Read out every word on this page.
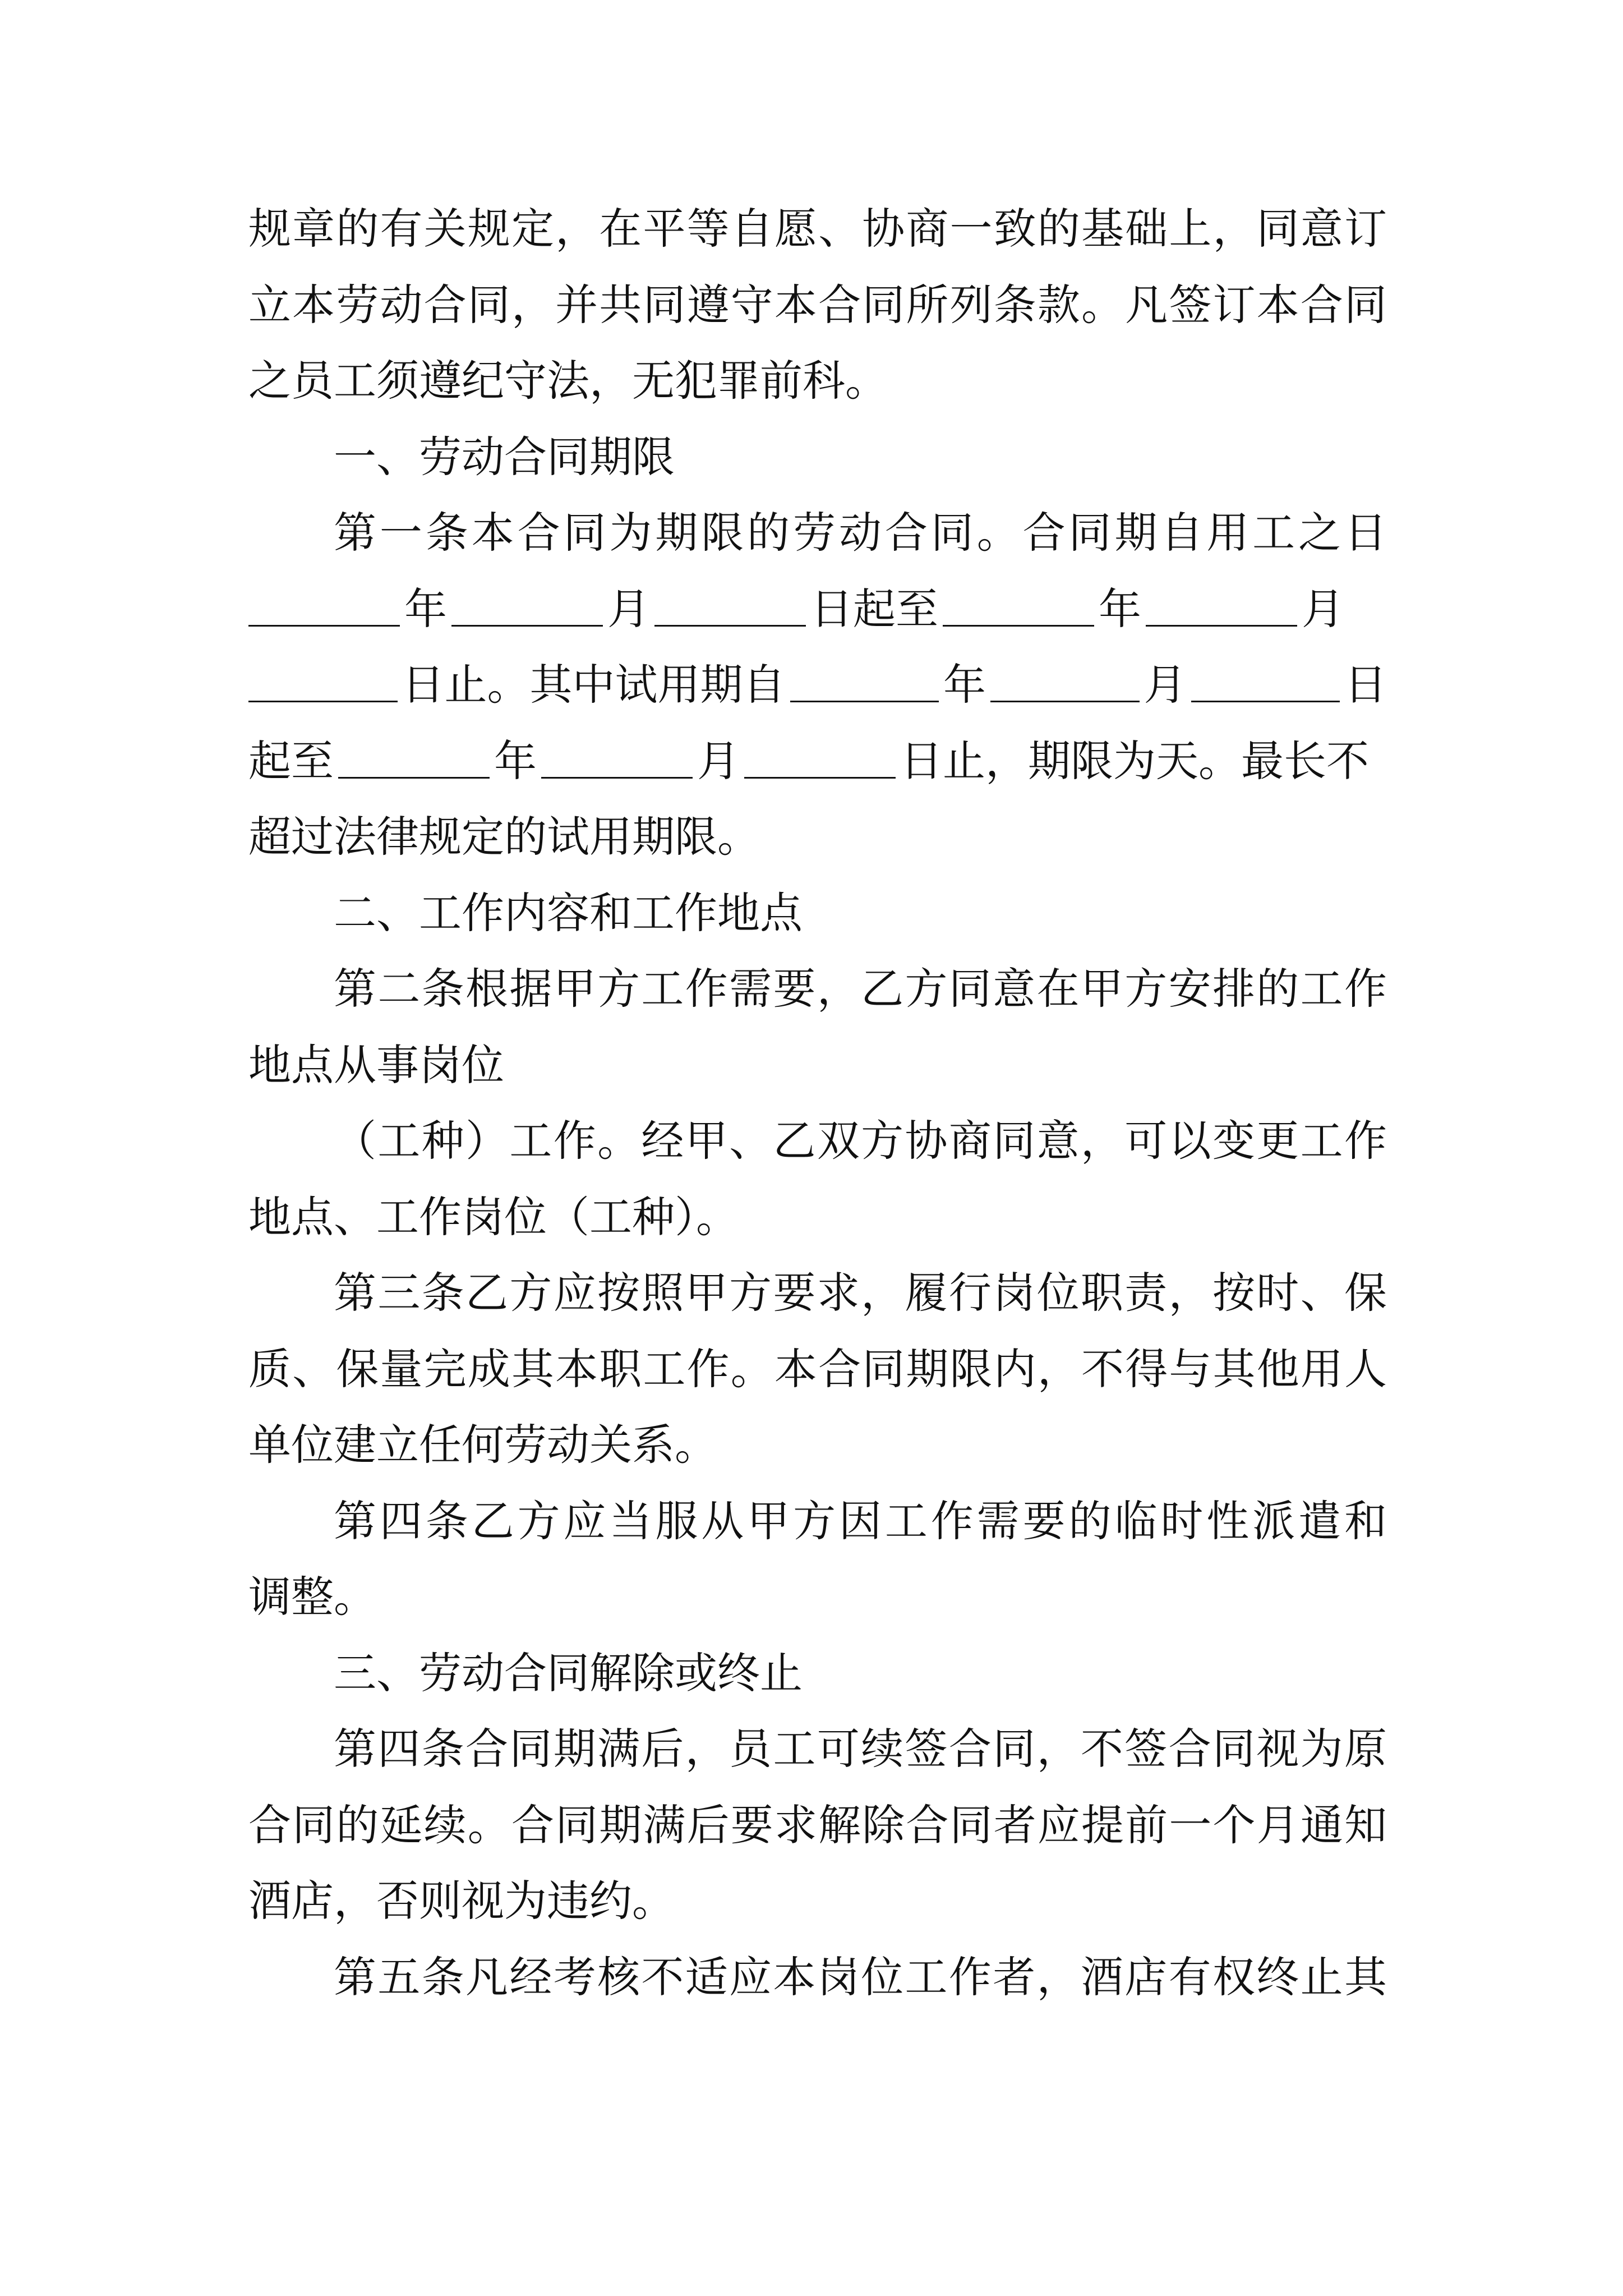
规章的有关规定，在平等自愿、协商一致的基础上，同意订
立本劳动合同，并共同遵守本合同所列条款。凡签订本合同
之员工须遵纪守法，无犯罪前科。
一、劳动合同期限
第一条本合同为期限的劳动合同。合同期自用工之日
年	月	日起至	年	月
日止。其中试用期自	年	月	日
起至	年	月	日止，期限为天。最长不
超过法律规定的试用期限。
二、工作内容和工作地点
第二条根据甲方工作需要，乙方同意在甲方安排的工作
地点从事岗位
（工种）工作。经甲、乙双方协商同意，可以变更工作
地点、工作岗位（工种）。
第三条乙方应按照甲方要求，履行岗位职责，按时、保
质、保量完成其本职工作。本合同期限内，不得与其他用人
单位建立任何劳动关系。
第四条乙方应当服从甲方因工作需要的临时性派遣和
调整。
三、劳动合同解除或终止
第四条合同期满后，员工可续签合同，不签合同视为原
合同的延续。合同期满后要求解除合同者应提前一个月通知
酒店，否则视为违约。
第五条凡经考核不适应本岗位工作者，酒店有权终止其
